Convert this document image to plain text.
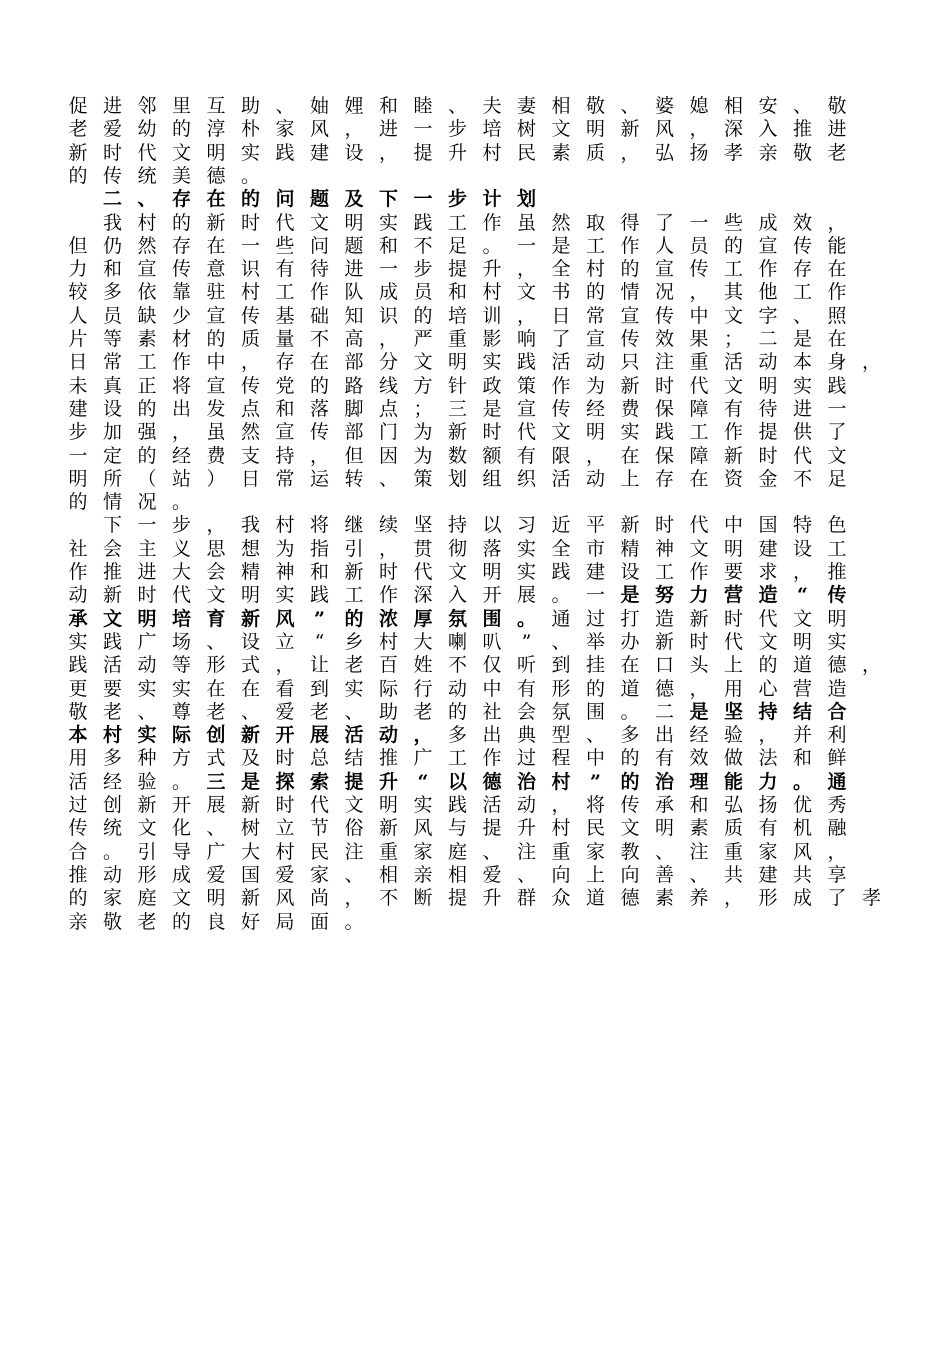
促 进 邻 里 互 助 、 妯 娌 和 睦 、 夫 妻 相 敬 、 婆 媳 相 安 、 敬
老 爱 幼 的 淳 朴 家 风 ， 进 一 步 培 树 文 明 新 风 ， 深 入 推 进
新 时 代 文 明 实 践 建 设 ， 提 升 村 民 素 质 ， 弘 扬 孝 亲 敬 老
的 传 统 美 德 。
二 、 存 在 的 问 题 及 下 一 步 计 划
我 村 的 新 时 代 文 明 实 践 工 作 虽 然 取 得 了 一 些 成 效 ，
但 仍 然 存 在 一 些 问 题 和 不 足 。 一 是 工 作 人 员 的 宣 传 能
力 和 宣 传 意 识 有 待 进 一 步 提 升 ， 全 村 的 宣 传 工 作 存 在
较 多 依 靠 驻 村 工 作 队 成 员 和 村 文 书 的 情 况 ， 其 他 工 作
人 员 缺 少 宣 传 基 础 知 识 的 培 训 ， 日 常 宣 传 中 文 字 、 照
片 等 素 材 的 质 量 不 高 ， 严 重 影 响 了 宣 传 效 果 ； 二 是 在
日 常 工 作 中 ， 存 在 部 分 文 明 实 践 活 动 只 注 重 活 动 本 身 ，
未 真 正 将 宣 传 党 的 路 线 方 针 政 策 作 为 新 时 代 文 明 实 践
建 设 的 出 发 点 和 落 脚 点 ； 三 是 宣 传 经 费 保 障 有 待 进 一
步 加 强 ， 虽 然 宣 传 部 门 为 新 时 代 文 明 实 践 工 作 提 供 了
一 定 的 经 费 支 持 ， 但 因 为 数 额 有 限 ， 在 保 障 新 时 代 文
明 所 （ 站 ） 日 常 运 转 、 策 划 组 织 活 动 上 存 在 资 金 不 足
的 情 况 。
下 一 步 ， 我 村 将 继 续 坚 持 以 习 近 平 新 时 代 中 国 特 色
社 会 主 义 思 想 为 指 引 ， 贯 彻 落 实 全 市 精 神 文 明 建 设 工
作 推 进 大 会 精 神 和 新 时 代 文 明 实 践 建 设 工 作 要 求 ， 推
动 新 时 代 文 明 实 践 工 作 深 入 开 展 。 一 是 努 力 营 造	“	传
承 文 明 培 育 新 风	”	的 浓 厚 氛 围 。 通 过 打 造 新 时 代 文 明
实 践 广 场 、 设 立	“	乡 村 大 喇 叭	”	、 举 办 新 时 代 文 明 实
践 活 动 等 形 式 ， 让 老 百 姓 不 仅 听 到 挂 在 口 头 上 的 道 德 ，
更 要 实 实 在 在 看 到 实 际 行 动 中 有 形 的 道 德 ， 用 心 营 造
敬 老 、 尊 老 、 爱 老 、 助 老 的 社 会 氛 围 。 二 是 坚 持 结 合
本 村 实 际 创 新 开 展 活 动 ， 多 出 典 型 、 多 出 经 验 ， 并 利
用 多 种 方 式 及 时 总 结 推 广 工 作 过 程 中 的 有 效 做 法 和 鲜
活 经 验 。 三 是 探 索 提 升	“	以 德 治 村	”	的 治 理 能 力 。 通
过 创 新 开 展 新 时 代 文 明 实 践 活 动 ， 将 传 承 和 弘 扬 优 秀
传 统 文 化 、 树 立 节 俗 新 风 与 提 升 村 民 文 明 素 质 有 机 融
合 。 引 导 广 大 村 民 注 重 家 庭 、 注 重 家 教 、 注 重 家 风 ，
推 动 形 成 爱 国 爱 家 、 相 亲 相 爱 、 向 上 向 善 、 共 建 共 享
的 家 庭 文 明 新 风 尚 ， 不 断 提 升 群 众 道 德 素 养 ， 形 成 了 孝
亲 敬 老 的 良 好 局 面 。
